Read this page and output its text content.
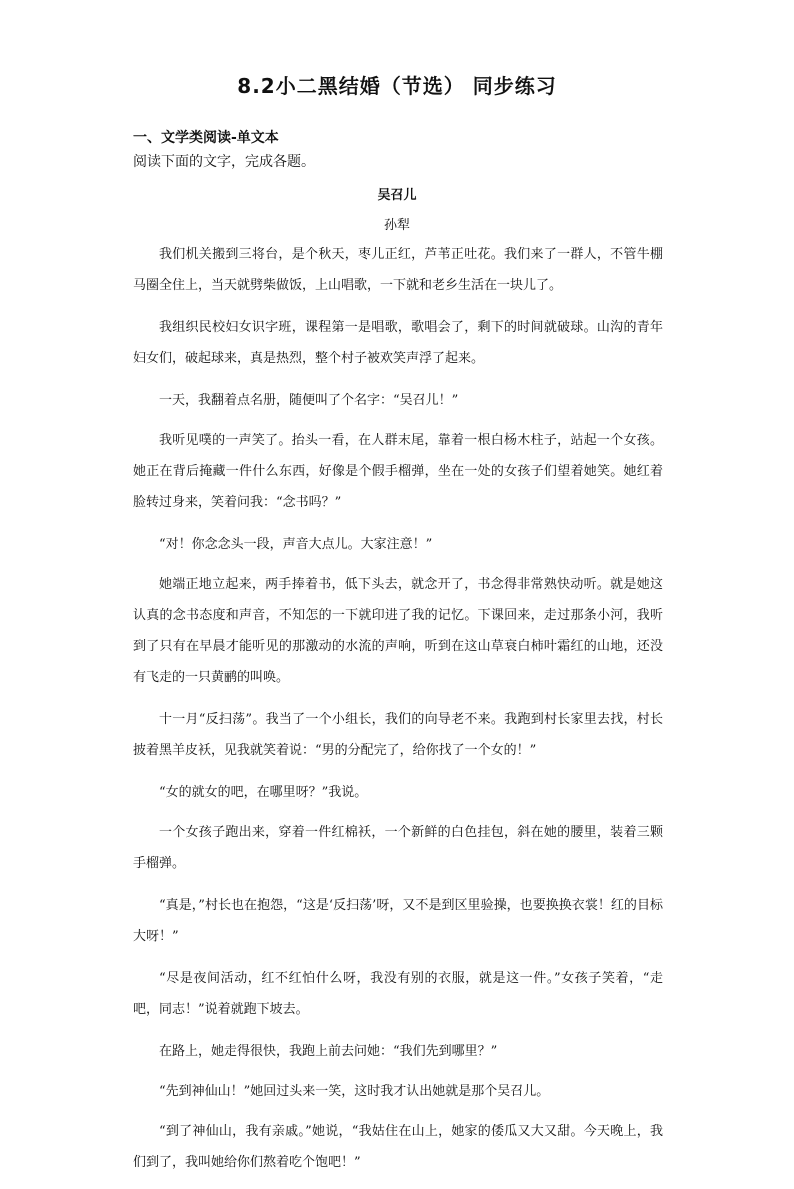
8.2小二黑结婚（节选） 同步练习
一、文学类阅读-单文本
阅读下面的文字，完成各题。
吴召儿
孙犁

我们机关搬到三将台，是个秋天，枣儿正红，芦苇正吐花。我们来了一群人，不管牛棚马圈全住上，当天就劈柴做饭，上山唱歌，一下就和老乡生活在一块儿了。

我组织民校妇女识字班，课程第一是唱歌，歌唱会了，剩下的时间就破球。山沟的青年妇女们，破起球来，真是热烈，整个村子被欢笑声浮了起来。

一天，我翻着点名册，随便叫了个名字：“吴召儿！”

我听见噗的一声笑了。抬头一看，在人群末尾，靠着一根白杨木柱子，站起一个女孩。她正在背后掩藏一件什么东西，好像是个假手榴弹，坐在一处的女孩子们望着她笑。她红着脸转过身来，笑着问我：“念书吗？”

“对！你念念头一段，声音大点儿。大家注意！”

她端正地立起来，两手捧着书，低下头去，就念开了，书念得非常熟快动听。就是她这认真的念书态度和声音，不知怎的一下就印进了我的记忆。下课回来，走过那条小河，我听到了只有在早晨才能听见的那激动的水流的声响，听到在这山草衰白柿叶霜红的山地，还没有飞走的一只黄鹂的叫唤。

十一月“反扫荡”。我当了一个小组长，我们的向导老不来。我跑到村长家里去找，村长披着黑羊皮袄，见我就笑着说：“男的分配完了，给你找了一个女的！”

“女的就女的吧，在哪里呀？”我说。

一个女孩子跑出来，穿着一件红棉袄，一个新鲜的白色挂包，斜在她的腰里，装着三颗手榴弹。

“真是，”村长也在抱怨，“这是‘反扫荡’呀，又不是到区里验操，也要换换衣裳！红的目标大呀！”

“尽是夜间活动，红不红怕什么呀，我没有别的衣服，就是这一件。”女孩子笑着，“走吧，同志！”说着就跑下坡去。

在路上，她走得很快，我跑上前去问她：“我们先到哪里？”

“先到神仙山！”她回过头来一笑，这时我才认出她就是那个吴召儿。

“到了神仙山，我有亲戚。”她说，“我姑住在山上，她家的倭瓜又大又甜。今天晚上，我们到了，我叫她给你们熬着吃个饱吧！”
